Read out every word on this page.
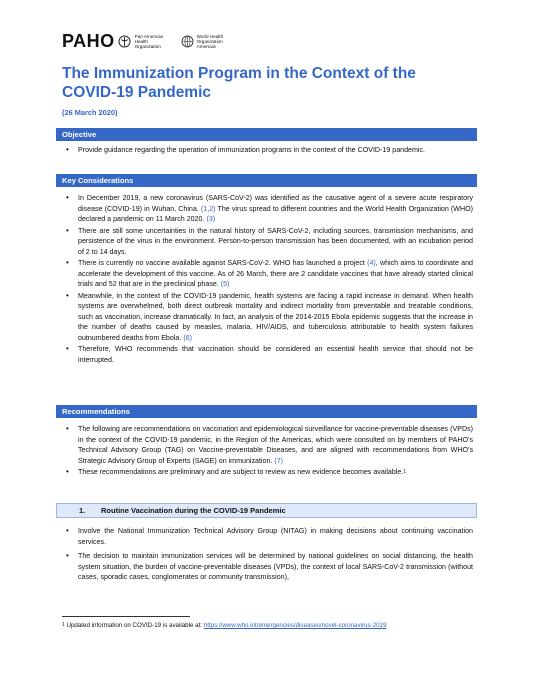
PAHO	Pan American
Health
Organization
World Health
Organization
Americas
The Immunization Program in the Context of the
COVID-19 Pandemic
(26 March 2020)
Objective
• Provide guidance regarding the operation of immunization programs in the context of the COVID-19 pandemic.
Key Considerations
• In December 2019, a new coronavirus (SARS-CoV-2) was identified as the causative agent of a severe acute respiratory disease (COVID-19) in Wuhan, China. (1,2) The virus spread to different countries and the World Health Organization (WHO) declared a pandemic on 11 March 2020. (3)
• There are still some uncertainties in the natural history of SARS-CoV-2, including sources, transmission mechanisms, and persistence of the virus in the environment. Person-to-person transmission has been documented, with an incubation period of 2 to 14 days.
• There is currently no vaccine available against SARS-CoV-2. WHO has launched a project (4), which aims to coordinate and accelerate the development of this vaccine. As of 26 March, there are 2 candidate vaccines that have already started clinical trials and 52 that are in the preclinical phase. (5)
• Meanwhile, in the context of the COVID-19 pandemic, health systems are facing a rapid increase in demand. When health systems are overwhelmed, both direct outbreak mortality and indirect mortality from preventable and treatable conditions, such as vaccination, increase dramatically. In fact, an analysis of the 2014-2015 Ebola epidemic suggests that the increase in the number of deaths caused by measles, malaria, HIV/AIDS, and tuberculosis attributable to health system failures outnumbered deaths from Ebola. (6)
• Therefore, WHO recommends that vaccination should be considered an essential health service that should not be interrupted.
Recommendations
• The following are recommendations on vaccination and epidemiological surveillance for vaccine-preventable diseases (VPDs) in the context of the COVID-19 pandemic, in the Region of the Americas, which were consulted on by members of PAHO’s Technical Advisory Group (TAG) on Vaccine-preventable Diseases, and are aligned with recommendations from WHO’s Strategic Advisory Group of Experts (SAGE) on immunization. (7)
• These recommendations are preliminary and are subject to review as new evidence becomes available.$^1$
1. Routine Vaccination during the COVID-19 Pandemic
• Involve the National Immunization Technical Advisory Group (NITAG) in making decisions about continuing vaccination services.
• The decision to maintain immunization services will be determined by national guidelines on social distancing, the health system situation, the burden of vaccine-preventable diseases (VPDs), the context of local SARS-CoV-2 transmission (without cases, sporadic cases, conglomerates or community transmission),
$^1$ Updated information on COVID-19 is available at: https://www.who.int/emergencies/diseases/novel-coronavirus-2019
